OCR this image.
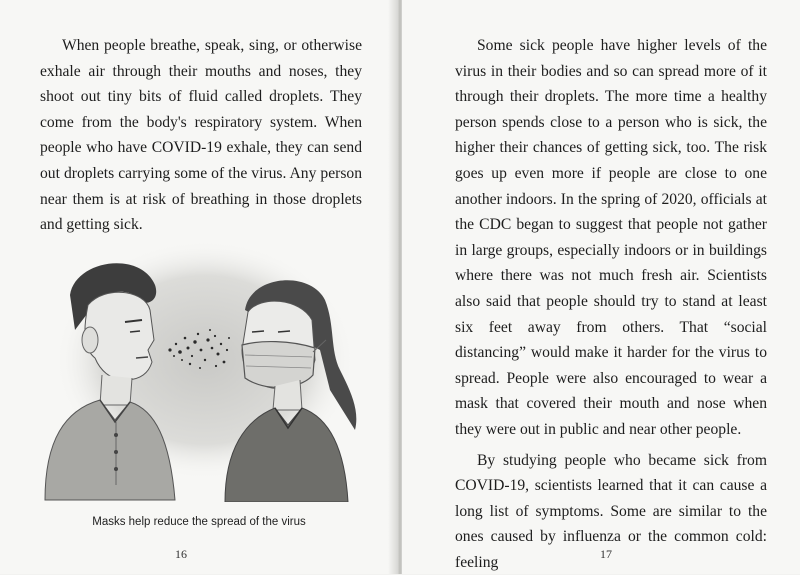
When people breathe, speak, sing, or otherwise exhale air through their mouths and noses, they shoot out tiny bits of fluid called droplets. They come from the body's respiratory system. When people who have COVID-19 exhale, they can send out droplets carrying some of the virus. Any person near them is at risk of breathing in those droplets and getting sick.

Masks help reduce the spread of the virus
16

Some sick people have higher levels of the virus in their bodies and so can spread more of it through their droplets. The more time a healthy person spends close to a person who is sick, the higher their chances of getting sick, too. The risk goes up even more if people are close to one another indoors. In the spring of 2020, officials at the CDC began to suggest that people not gather in large groups, especially indoors or in buildings where there was not much fresh air. Scientists also said that people should try to stand at least six feet away from others. That “social distancing” would make it harder for the virus to spread. People were also encouraged to wear a mask that covered their mouth and nose when they were out in public and near other people.

By studying people who became sick from COVID-19, scientists learned that it can cause a long list of symptoms. Some are similar to the ones caused by influenza or the common cold: feeling	17
